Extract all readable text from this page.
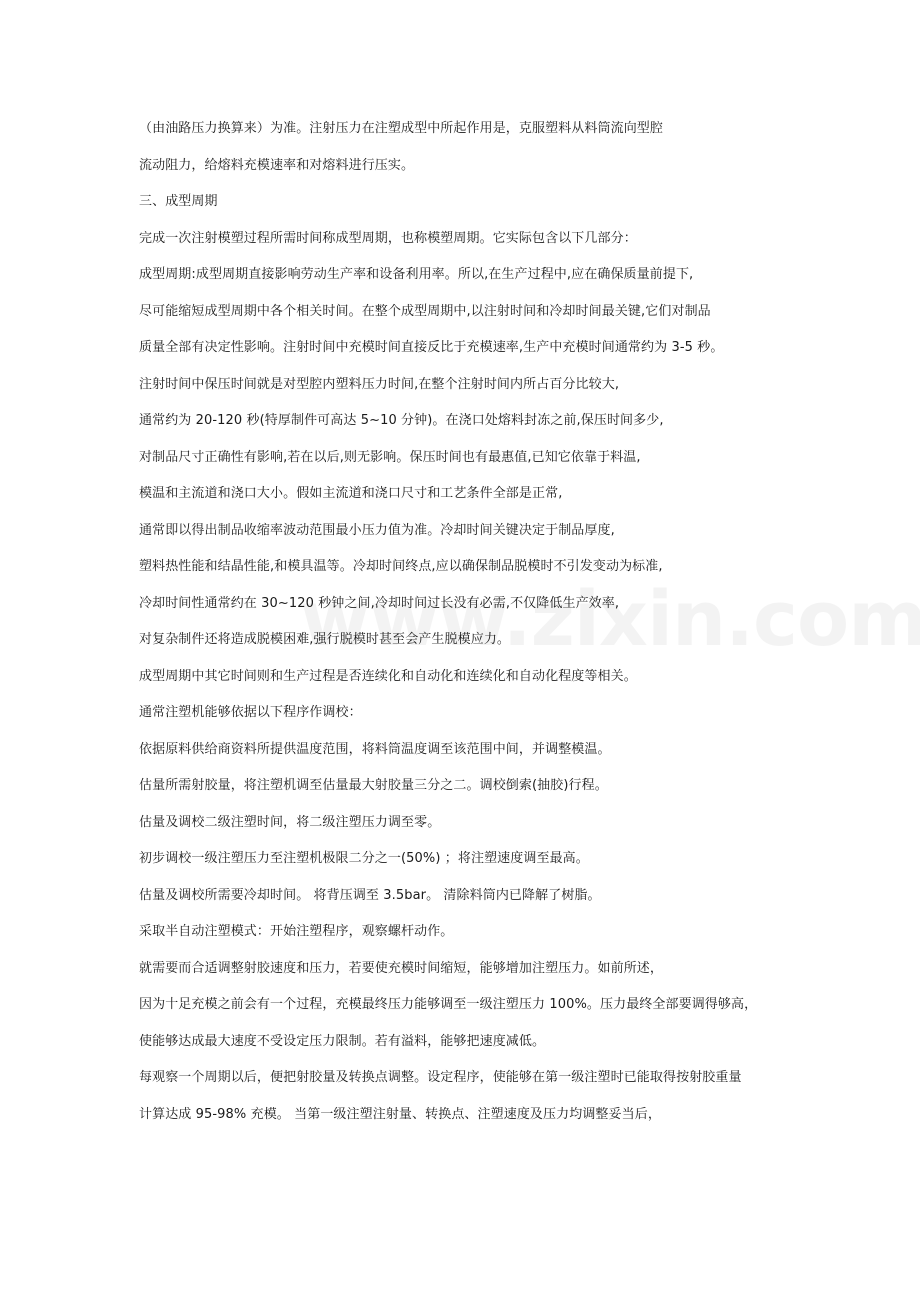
（由油路压力换算来）为准。注射压力在注塑成型中所起作用是，克服塑料从料筒流向型腔
流动阻力，给熔料充模速率和对熔料进行压实。
三、成型周期
完成一次注射模塑过程所需时间称成型周期，也称模塑周期。它实际包含以下几部分：
成型周期:成型周期直接影响劳动生产率和设备利用率。所以,在生产过程中,应在确保质量前提下,
尽可能缩短成型周期中各个相关时间。在整个成型周期中,以注射时间和冷却时间最关键,它们对制品
质量全部有决定性影响。注射时间中充模时间直接反比于充模速率,生产中充模时间通常约为 3-5 秒。
注射时间中保压时间就是对型腔内塑料压力时间,在整个注射时间内所占百分比较大,
通常约为 20-120 秒(特厚制件可高达 5~10 分钟)。在浇口处熔料封冻之前,保压时间多少,
对制品尺寸正确性有影响,若在以后,则无影响。保压时间也有最惠值,已知它依靠于料温,
模温和主流道和浇口大小。假如主流道和浇口尺寸和工艺条件全部是正常,
通常即以得出制品收缩率波动范围最小压力值为准。冷却时间关键决定于制品厚度,
塑料热性能和结晶性能,和模具温等。冷却时间终点,应以确保制品脱模时不引发变动为标准,
冷却时间性通常约在 30~120 秒钟之间,冷却时间过长没有必需,不仅降低生产效率,
对复杂制件还将造成脱模困难,强行脱模时甚至会产生脱模应力。
成型周期中其它时间则和生产过程是否连续化和自动化和连续化和自动化程度等相关。
通常注塑机能够依据以下程序作调校：
依据原料供给商资料所提供温度范围，将料筒温度调至该范围中间，并调整模温。
估量所需射胶量，将注塑机调至估量最大射胶量三分之二。调校倒索(抽胶)行程。
估量及调校二级注塑时间，将二级注塑压力调至零。
初步调校一级注塑压力至注塑机极限二分之一(50%) ；将注塑速度调至最高。
估量及调校所需要冷却时间。 将背压调至 3.5bar。 清除料筒内已降解了树脂。
采取半自动注塑模式：开始注塑程序，观察螺杆动作。
就需要而合适调整射胶速度和压力，若要使充模时间缩短，能够增加注塑压力。如前所述，
因为十足充模之前会有一个过程，充模最终压力能够调至一级注塑压力 100%。压力最终全部要调得够高，
使能够达成最大速度不受设定压力限制。若有溢料，能够把速度减低。
每观察一个周期以后，便把射胶量及转换点调整。设定程序，使能够在第一级注塑时已能取得按射胶重量
计算达成 95-98% 充模。 当第一级注塑注射量、转换点、注塑速度及压力均调整妥当后，
